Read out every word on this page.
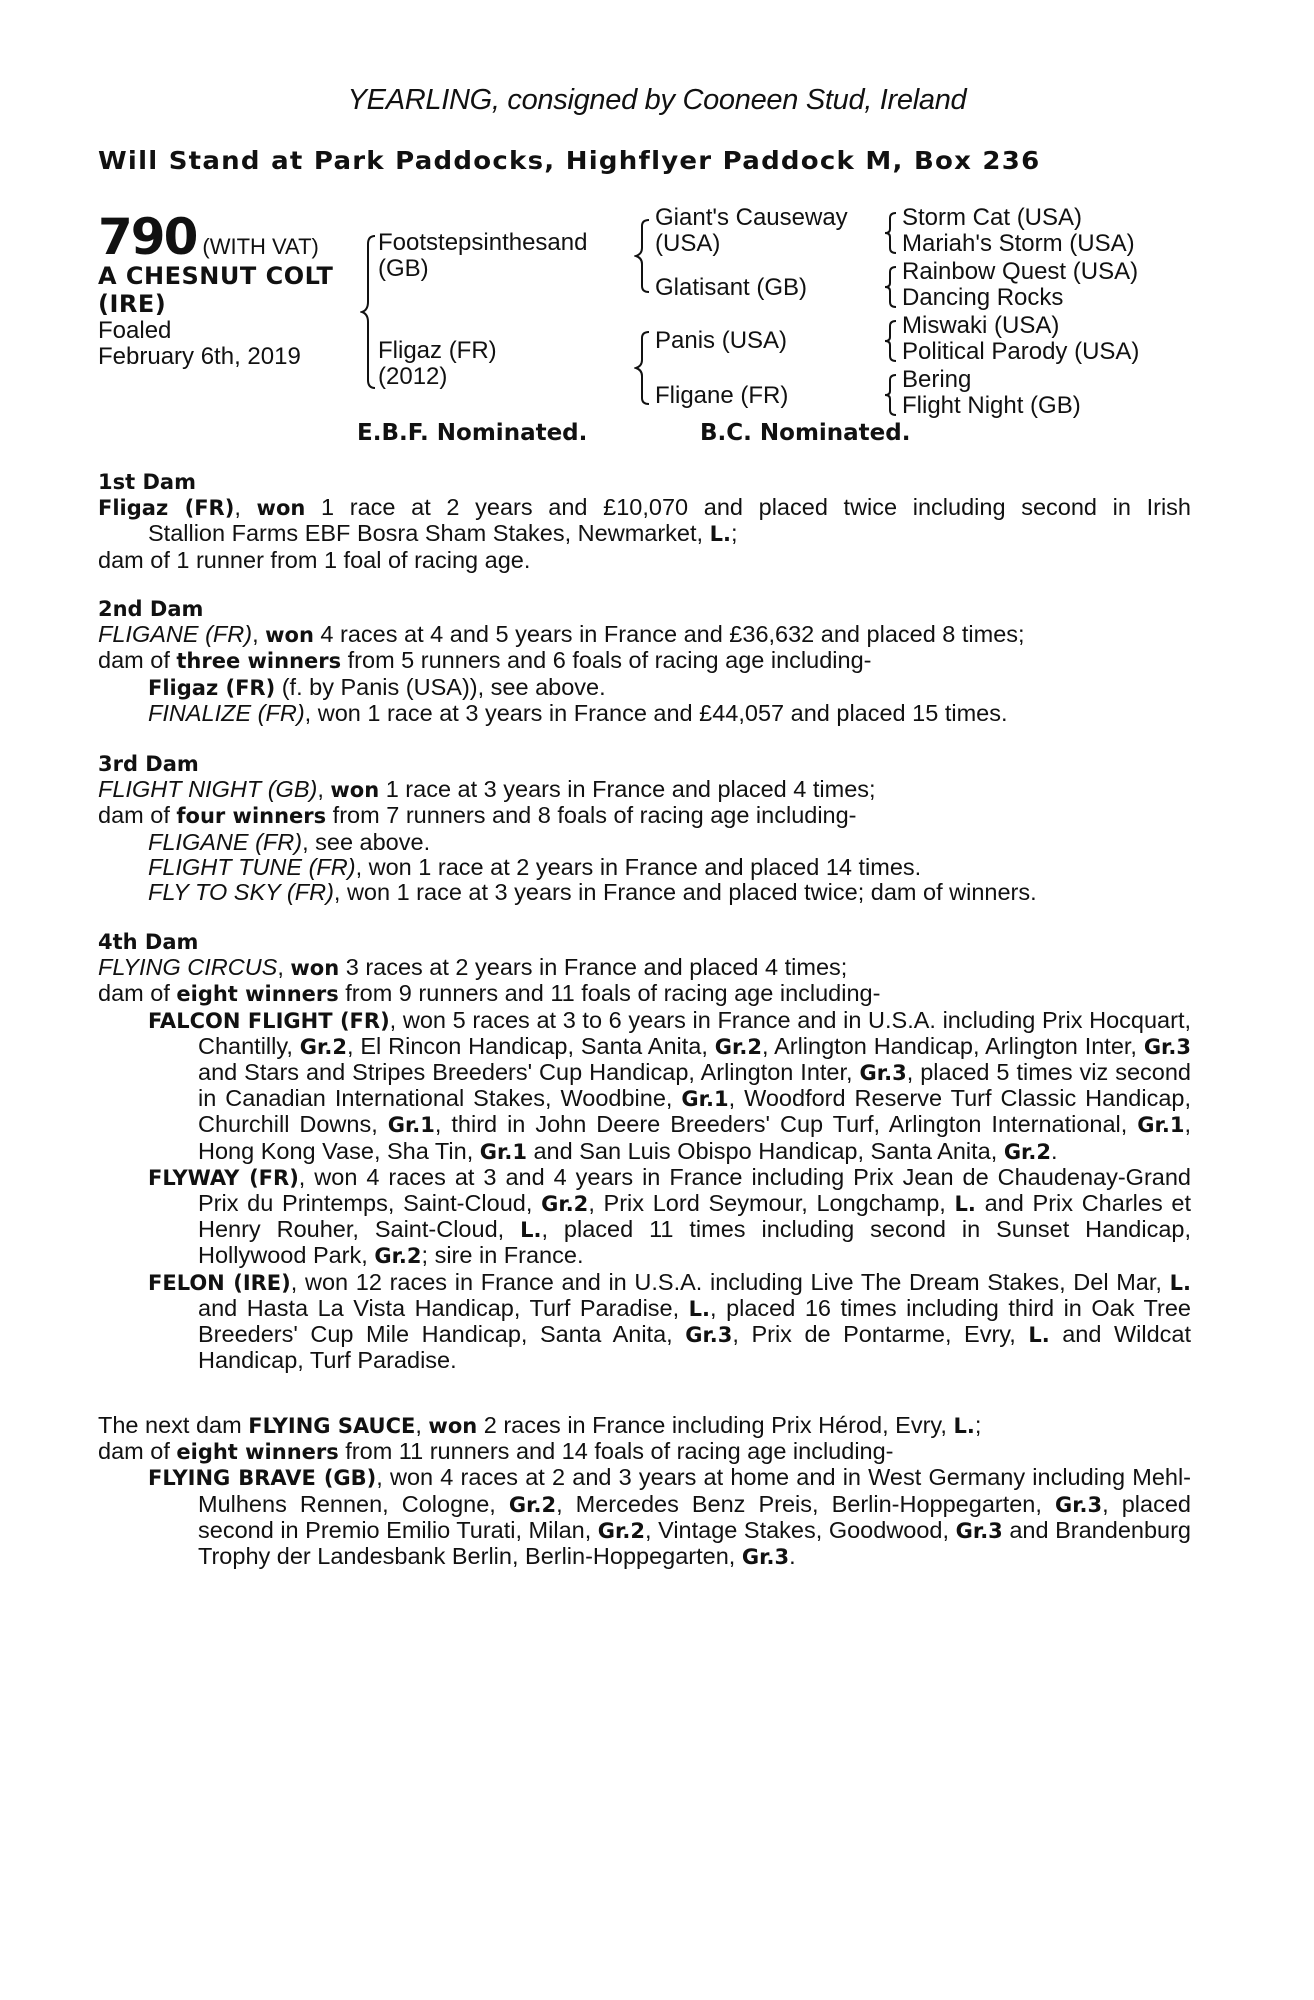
YEARLING, consigned by Cooneen Stud, Ireland
Will Stand at Park Paddocks, Highflyer Paddock M, Box 236
790 (WITH VAT)
A CHESNUT COLT
(IRE)
Foaled
February 6th, 2019
Footstepsinthesand
(GB)
Fligaz (FR)
(2012)
Giant's Causeway
(USA)
Glatisant (GB)
Panis (USA)
Fligane (FR)
Storm Cat (USA)
Mariah's Storm (USA)
Rainbow Quest (USA)
Dancing Rocks
Miswaki (USA)
Political Parody (USA)
Bering
Flight Night (GB)
E.B.F. Nominated.	B.C. Nominated.
1st Dam
Fligaz (FR), won 1 race at 2 years and £10,070 and placed twice including second in Irish
Stallion Farms EBF Bosra Sham Stakes, Newmarket, L.;
dam of 1 runner from 1 foal of racing age.
2nd Dam
FLIGANE (FR), won 4 races at 4 and 5 years in France and £36,632 and placed 8 times;
dam of three winners from 5 runners and 6 foals of racing age including-
Fligaz (FR) (f. by Panis (USA)), see above.
FINALIZE (FR), won 1 race at 3 years in France and £44,057 and placed 15 times.
3rd Dam
FLIGHT NIGHT (GB), won 1 race at 3 years in France and placed 4 times;
dam of four winners from 7 runners and 8 foals of racing age including-
FLIGANE (FR), see above.
FLIGHT TUNE (FR), won 1 race at 2 years in France and placed 14 times.
FLY TO SKY (FR), won 1 race at 3 years in France and placed twice; dam of winners.
4th Dam
FLYING CIRCUS, won 3 races at 2 years in France and placed 4 times;
dam of eight winners from 9 runners and 11 foals of racing age including-
FALCON FLIGHT (FR), won 5 races at 3 to 6 years in France and in U.S.A. including Prix Hocquart, Chantilly, Gr.2, El Rincon Handicap, Santa Anita, Gr.2, Arlington Handicap, Arlington Inter, Gr.3 and Stars and Stripes Breeders' Cup Handicap, Arlington Inter, Gr.3, placed 5 times viz second in Canadian International Stakes, Woodbine, Gr.1, Woodford Reserve Turf Classic Handicap, Churchill Downs, Gr.1, third in John Deere Breeders' Cup Turf, Arlington International, Gr.1, Hong Kong Vase, Sha Tin, Gr.1 and San Luis Obispo Handicap, Santa Anita, Gr.2.
FLYWAY (FR), won 4 races at 3 and 4 years in France including Prix Jean de Chaudenay-Grand Prix du Printemps, Saint-Cloud, Gr.2, Prix Lord Seymour, Longchamp, L. and Prix Charles et Henry Rouher, Saint-Cloud, L., placed 11 times including second in Sunset Handicap, Hollywood Park, Gr.2; sire in France.
FELON (IRE), won 12 races in France and in U.S.A. including Live The Dream Stakes, Del Mar, L. and Hasta La Vista Handicap, Turf Paradise, L., placed 16 times including third in Oak Tree Breeders' Cup Mile Handicap, Santa Anita, Gr.3, Prix de Pontarme, Evry, L. and Wildcat Handicap, Turf Paradise.
The next dam FLYING SAUCE, won 2 races in France including Prix Hérod, Evry, L.;
dam of eight winners from 11 runners and 14 foals of racing age including-
FLYING BRAVE (GB), won 4 races at 2 and 3 years at home and in West Germany including Mehl-Mulhens Rennen, Cologne, Gr.2, Mercedes Benz Preis, Berlin-Hoppegarten, Gr.3, placed second in Premio Emilio Turati, Milan, Gr.2, Vintage Stakes, Goodwood, Gr.3 and Brandenburg Trophy der Landesbank Berlin, Berlin-Hoppegarten, Gr.3.
